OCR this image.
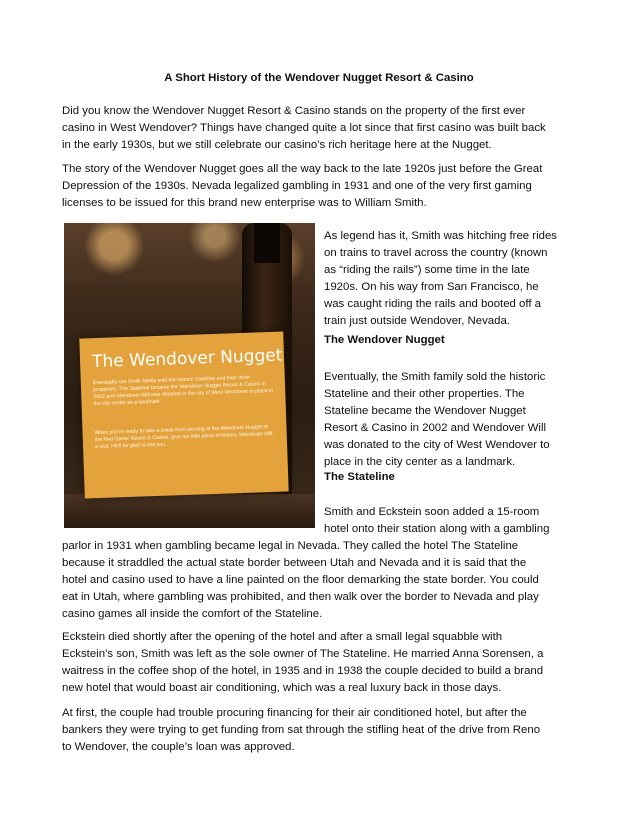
A Short History of the Wendover Nugget Resort & Casino

Did you know the Wendover Nugget Resort & Casino stands on the property of the first ever
casino in West Wendover? Things have changed quite a lot since that first casino was built back
in the early 1930s, but we still celebrate our casino’s rich heritage here at the Nugget.

The story of the Wendover Nugget goes all the way back to the late 1920s just before the Great
Depression of the 1930s. Nevada legalized gambling in 1931 and one of the very first gaming
licenses to be issued for this brand new enterprise was to William Smith.

The Wendover Nugget

Eventually, the Smith family sold the historic Stateline and their other properties. The Stateline became the Wendover Nugget Resort & Casino in 2002 and Wendover Will was donated to the city of West Wendover to place in the city center as a landmark.

When you’re ready to take a break from winning at the Wendover Nugget or the Red Garter Resort & Casino, give our little piece of history, Wendover Will, a visit. He’ll be glad to see you.

As legend has it, Smith was hitching free rides
on trains to travel across the country (known
as “riding the rails”) some time in the late
1920s. On his way from San Francisco, he
was caught riding the rails and booted off a
train just outside Wendover, Nevada.

The Wendover Nugget

Eventually, the Smith family sold the historic
Stateline and their other properties. The
Stateline became the Wendover Nugget
Resort & Casino in 2002 and Wendover Will
was donated to the city of West Wendover to
place in the city center as a landmark.

The Stateline

Smith and Eckstein soon added a 15-room
hotel onto their station along with a gambling

parlor in 1931 when gambling became legal in Nevada. They called the hotel The Stateline
because it straddled the actual state border between Utah and Nevada and it is said that the
hotel and casino used to have a line painted on the floor demarking the state border. You could
eat in Utah, where gambling was prohibited, and then walk over the border to Nevada and play
casino games all inside the comfort of the Stateline.

Eckstein died shortly after the opening of the hotel and after a small legal squabble with
Eckstein’s son, Smith was left as the sole owner of The Stateline. He married Anna Sorensen, a
waitress in the coffee shop of the hotel, in 1935 and in 1938 the couple decided to build a brand
new hotel that would boast air conditioning, which was a real luxury back in those days.

At first, the couple had trouble procuring financing for their air conditioned hotel, but after the
bankers they were trying to get funding from sat through the stifling heat of the drive from Reno
to Wendover, the couple’s loan was approved.
